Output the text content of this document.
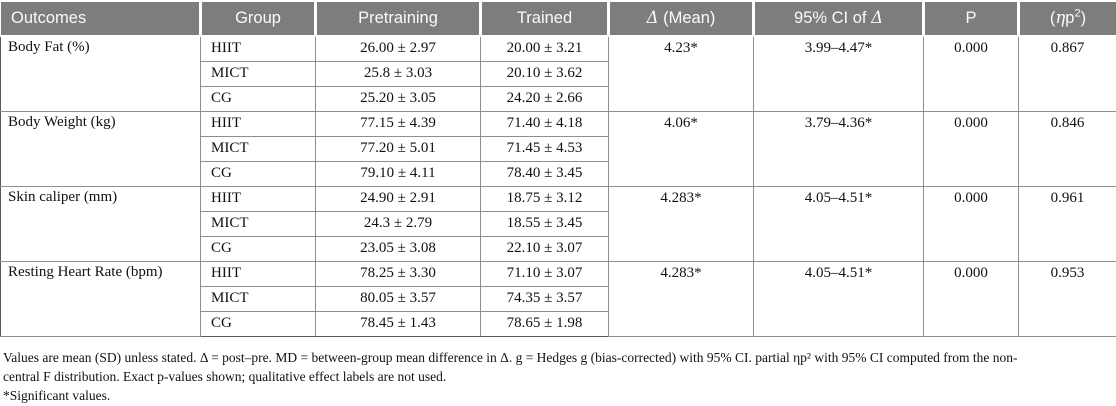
Outcomes	Group	Pretraining	Trained	Δ (Mean)	95% CI of Δ	P	$(\eta p^2)$
Body Fat (%)	HIIT	26.00 ± 2.97	20.00 ± 3.21	4.23*	3.99–4.47*	0.000	0.867
	MICT	25.8 ± 3.03	20.10 ± 3.62				
	CG	25.20 ± 3.05	24.20 ± 2.66				
Body Weight (kg)	HIIT	77.15 ± 4.39	71.40 ± 4.18	4.06*	3.79–4.36*	0.000	0.846
	MICT	77.20 ± 5.01	71.45 ± 4.53				
	CG	79.10 ± 4.11	78.40 ± 3.45				
Skin caliper (mm)	HIIT	24.90 ± 2.91	18.75 ± 3.12	4.283*	4.05–4.51*	0.000	0.961
	MICT	24.3 ± 2.79	18.55 ± 3.45				
	CG	23.05 ± 3.08	22.10 ± 3.07				
Resting Heart Rate (bpm)	HIIT	78.25 ± 3.30	71.10 ± 3.07	4.283*	4.05–4.51*	0.000	0.953
	MICT	80.05 ± 3.57	74.35 ± 3.57				
	CG	78.45 ± 1.43	78.65 ± 1.98				
Values are mean (SD) unless stated. Δ = post–pre. MD = between-group mean difference in Δ. g = Hedges g (bias-corrected) with 95% CI. partial ηp² with 95% CI computed from the non-
central F distribution. Exact p-values shown; qualitative effect labels are not used.
*Significant values.
